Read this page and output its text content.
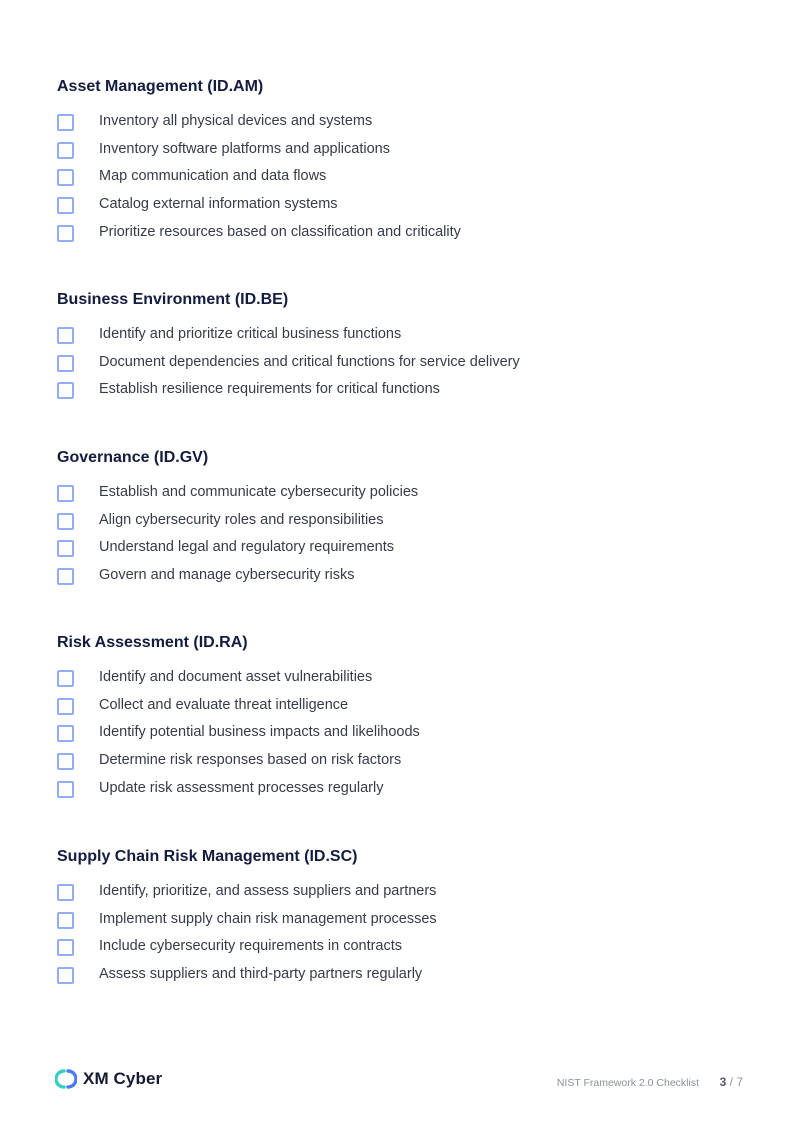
Asset Management (ID.AM)
Inventory all physical devices and systems
Inventory software platforms and applications
Map communication and data flows
Catalog external information systems
Prioritize resources based on classification and criticality
Business Environment (ID.BE)
Identify and prioritize critical business functions
Document dependencies and critical functions for service delivery
Establish resilience requirements for critical functions
Governance (ID.GV)
Establish and communicate cybersecurity policies
Align cybersecurity roles and responsibilities
Understand legal and regulatory requirements
Govern and manage cybersecurity risks
Risk Assessment (ID.RA)
Identify and document asset vulnerabilities
Collect and evaluate threat intelligence
Identify potential business impacts and likelihoods
Determine risk responses based on risk factors
Update risk assessment processes regularly
Supply Chain Risk Management (ID.SC)
Identify, prioritize, and assess suppliers and partners
Implement supply chain risk management processes
Include cybersecurity requirements in contracts
Assess suppliers and third-party partners regularly
XM Cyber	NIST Framework 2.0 Checklist 3 / 7
